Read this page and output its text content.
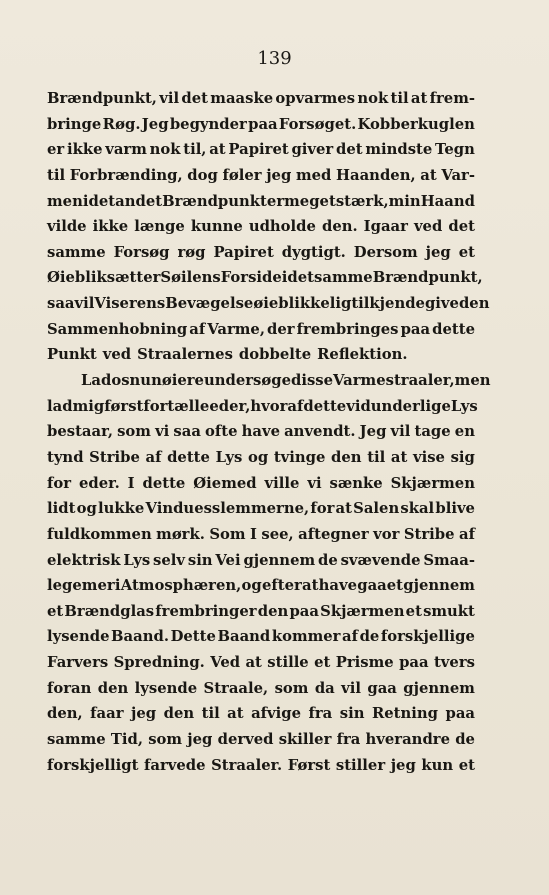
139
Brændpunkt, vil det maaske opvarmes nok til at frem-
bringe Røg. Jeg begynder paa Forsøget. Kobberkuglen
er ikke varm nok til, at Papiret giver det mindste Tegn
til Forbrænding, dog føler jeg med Haanden, at Var-
men i det andet Brændpunkt er meget stærk, min Haand
vilde ikke længe kunne udholde den. Igaar ved det
samme Forsøg røg Papiret dygtigt. Dersom jeg et
Øieblik sætter Søilens Forside i det samme Brændpunkt,
saa vil Viserens Bevægelse øieblikkelig tilkjendegive den
Sammenhobning af Varme, der frembringes paa dette
Punkt ved Straalernes dobbelte Reflektion.
Lad os nu nøiere undersøge disse Varmestraaler, men
lad mig først fortælle eder, hvoraf dette vidunderlige Lys
bestaar, som vi saa ofte have anvendt. Jeg vil tage en
tynd Stribe af dette Lys og tvinge den til at vise sig
for eder. I dette Øiemed ville vi sænke Skjærmen
lidt og lukke Vinduesslemmerne, for at Salen skal blive
fuldkommen mørk. Som I see, aftegner vor Stribe af
elektrisk Lys selv sin Vei gjennem de svævende Smaa-
legemer i Atmosphæren, og efter at have gaaet gjennem
et Brændglas frembringer den paa Skjærmen et smukt
lysende Baand. Dette Baand kommer af de forskjellige
Farvers Spredning. Ved at stille et Prisme paa tvers
foran den lysende Straale, som da vil gaa gjennem
den, faar jeg den til at afvige fra sin Retning paa
samme Tid, som jeg derved skiller fra hverandre de
forskjelligt farvede Straaler. Først stiller jeg kun et
